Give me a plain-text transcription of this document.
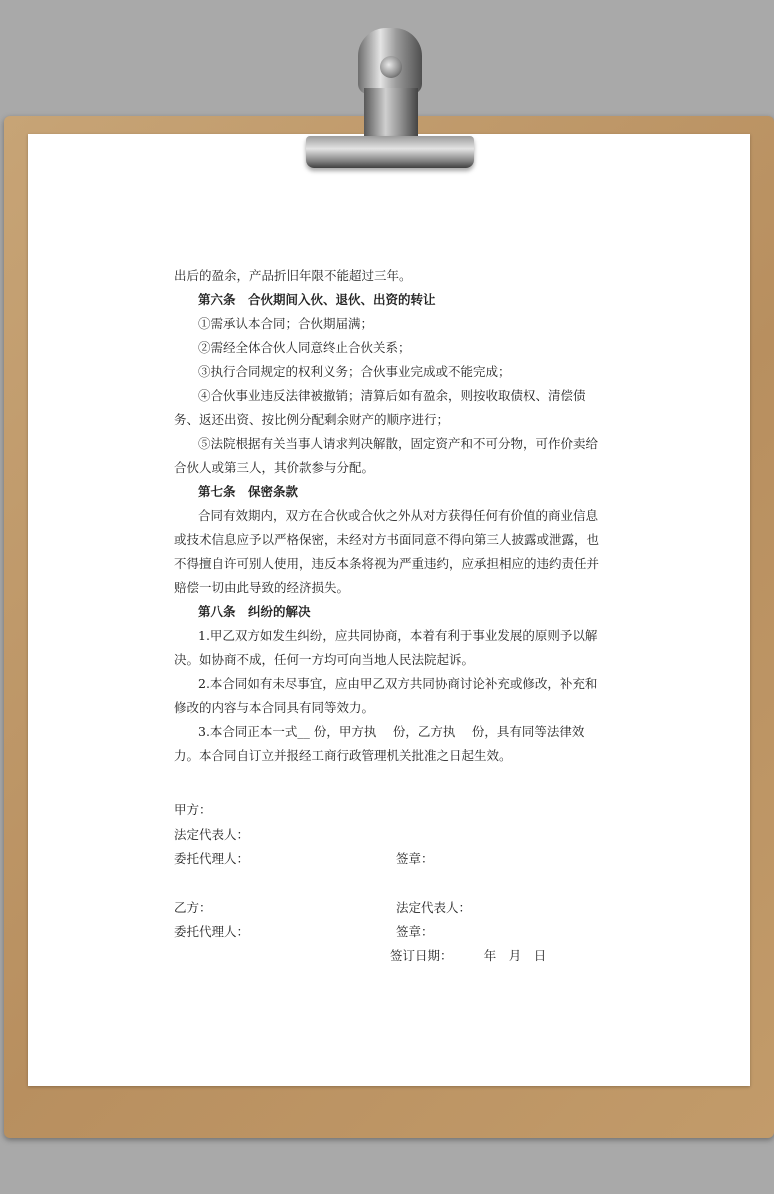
出后的盈余，产品折旧年限不能超过三年。

第六条　合伙期间入伙、退伙、出资的转让

①需承认本合同；合伙期届满；

②需经全体合伙人同意终止合伙关系；

③执行合同规定的权利义务；合伙事业完成或不能完成；

④合伙事业违反法律被撤销；清算后如有盈余，则按收取债权、清偿债务、返还出资、按比例分配剩余财产的顺序进行；

⑤法院根据有关当事人请求判决解散，固定资产和不可分物，可作价卖给合伙人或第三人，其价款参与分配。

第七条　保密条款

合同有效期内，双方在合伙或合伙之外从对方获得任何有价值的商业信息或技术信息应予以严格保密，未经对方书面同意不得向第三人披露或泄露，也不得擅自许可别人使用，违反本条将视为严重违约，应承担相应的违约责任并赔偿一切由此导致的经济损失。

第八条　纠纷的解决

1.甲乙双方如发生纠纷，应共同协商，本着有利于事业发展的原则予以解决。如协商不成，任何一方均可向当地人民法院起诉。

2.本合同如有未尽事宜，应由甲乙双方共同协商讨论补充或修改，补充和修改的内容与本合同具有同等效力。

3.本合同正本一式__ 份，甲方执　 份，乙方执　 份，具有同等法律效力。本合同自订立并报经工商行政管理机关批准之日起生效。

甲方：
法定代表人：
委托代理人：	签章：
乙方：	法定代表人：
委托代理人：	签章：
签订日期：　　　年　月　日
